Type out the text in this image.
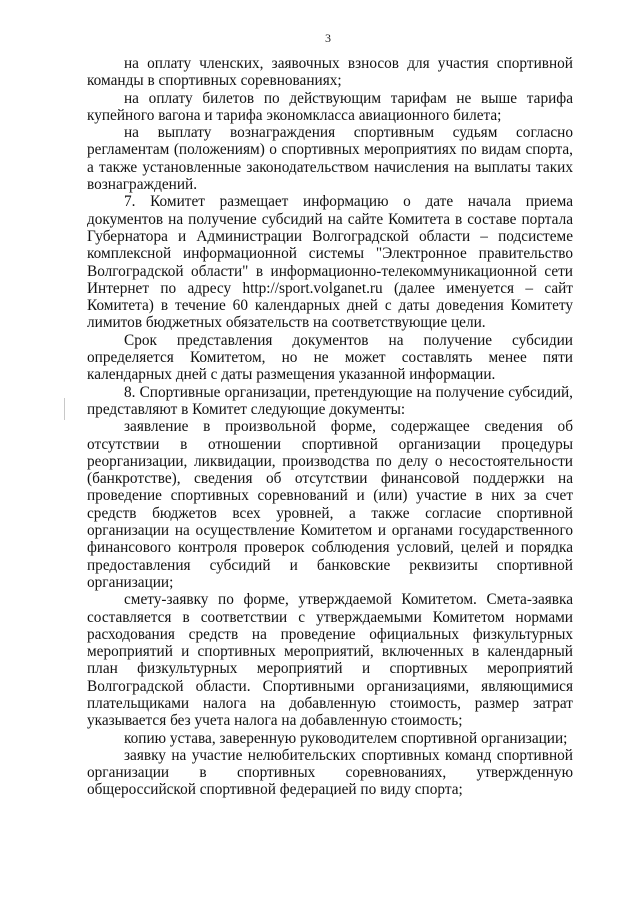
3

на оплату членских, заявочных взносов для участия спортивной команды в спортивных соревнованиях;

на оплату билетов по действующим тарифам не выше тарифа купейного вагона и тарифа экономкласса авиационного билета;

на выплату вознаграждения спортивным судьям согласно регламентам (положениям) о спортивных мероприятиях по видам спорта, а также установленные законодательством начисления на выплаты таких вознаграждений.

7. Комитет размещает информацию о дате начала приема документов на получение субсидий на сайте Комитета в составе портала Губернатора и Администрации Волгоградской области – подсистеме комплексной информационной системы "Электронное правительство Волгоградской области" в информационно-телекоммуникационной сети Интернет по адресу http://sport.volganet.ru (далее именуется – сайт Комитета) в течение 60 календарных дней с даты доведения Комитету лимитов бюджетных обязательств на соответствующие цели.

Срок представления документов на получение субсидии определяется Комитетом, но не может составлять менее пяти календарных дней с даты размещения указанной информации.

8. Спортивные организации, претендующие на получение субсидий, представляют в Комитет следующие документы:

заявление в произвольной форме, содержащее сведения об отсутствии в отношении спортивной организации процедуры реорганизации, ликвидации, производства по делу о несостоятельности (банкротстве), сведения об отсутствии финансовой поддержки на проведение спортивных соревнований и (или) участие в них за счет средств бюджетов всех уровней, а также согласие спортивной организации на осуществление Комитетом и органами государственного финансового контроля проверок соблюдения условий, целей и порядка предоставления субсидий и банковские реквизиты спортивной организации;

смету-заявку по форме, утверждаемой Комитетом. Смета-заявка составляется в соответствии с утверждаемыми Комитетом нормами расходования средств на проведение официальных физкультурных мероприятий и спортивных мероприятий, включенных в календарный план физкультурных мероприятий и спортивных мероприятий Волгоградской области. Спортивными организациями, являющимися плательщиками налога на добавленную стоимость, размер затрат указывается без учета налога на добавленную стоимость;

копию устава, заверенную руководителем спортивной организации;

заявку на участие нелюбительских спортивных команд спортивной организации в спортивных соревнованиях, утвержденную общероссийской спортивной федерацией по виду спорта;
